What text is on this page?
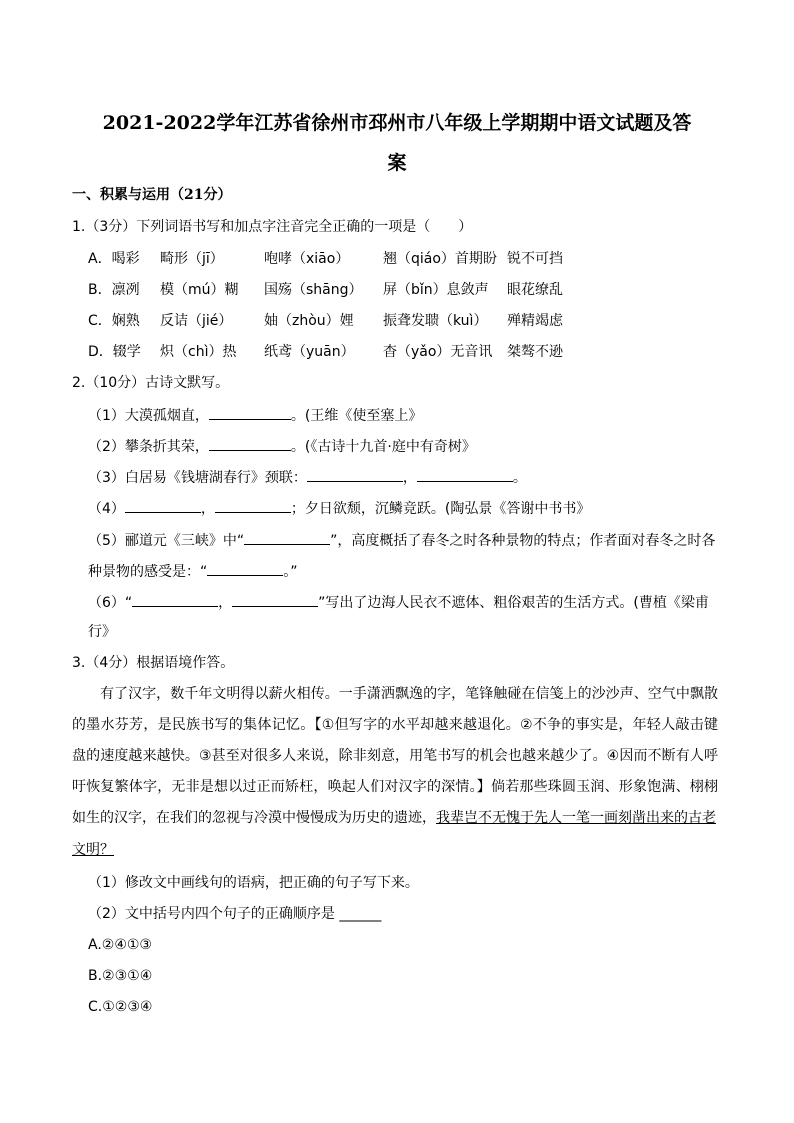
2021-2022学年江苏省徐州市邳州市八年级上学期期中语文试题及答
案
一、积累与运用（21分）
1.（3分）下列词语书写和加点字注音完全正确的一项是（　　）
A．喝彩 畸形（jī）	咆哮（xiāo） 翘（qiáo）首期盼 锐不可挡
B．凛冽 模（mú）糊 国殇（shāng） 屏（bǐn）息敛声 眼花缭乱
C．娴熟 反诘（jié） 妯（zhòu）娌 振聋发聩（kuì） 殚精竭虑
D．辍学 炽（chì）热 纸鸢（yuān） 杳（yǎo）无音讯 桀骜不逊
2.（10分）古诗文默写。
（1）大漠孤烟直，	。(王维《使至塞上》
（2）攀条折其荣，	。(《古诗十九首·庭中有奇树》
（3）白居易《钱塘湖春行》颈联：	，	。
（4）	，	；夕日欲颓，沉鳞竞跃。(陶弘景《答谢中书书》
（5）郦道元《三峡》中“	”，高度概括了春冬之时各种景物的特点；作者面对春冬之时各
种景物的感受是：“	。”
（6）“	，	”写出了边海人民衣不遮体、粗俗艰苦的生活方式。(曹植《梁甫
行》
3.（4分）根据语境作答。
有了汉字，数千年文明得以薪火相传。一手潇洒飘逸的字，笔锋触碰在信笺上的沙沙声、空气中飘散
的墨水芬芳，是民族书写的集体记忆。【①但写字的水平却越来越退化。②不争的事实是，年轻人敲击键
盘的速度越来越快。③甚至对很多人来说，除非刻意，用笔书写的机会也越来越少了。④因而不断有人呼
吁恢复繁体字，无非是想以过正而矫枉，唤起人们对汉字的深情。】倘若那些珠圆玉润、形象饱满、栩栩
如生的汉字，在我们的忽视与冷漠中慢慢成为历史的遗迹，我辈岂不无愧于先人一笔一画刻凿出来的古老
文明？
（1）修改文中画线句的语病，把正确的句子写下来。
（2）文中括号内四个句子的正确顺序是 ______
A.②④①③
B.②③①④
C.①②③④
